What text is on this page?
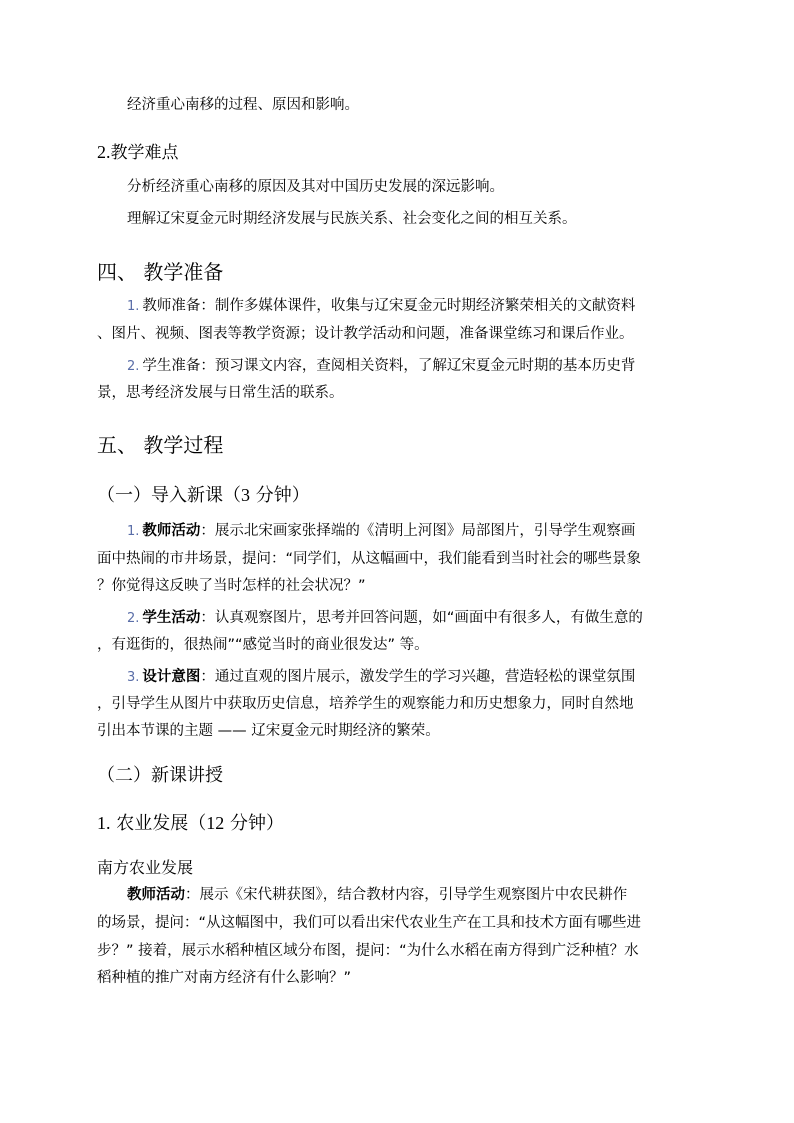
经济重心南移的过程、原因和影响。
2.教学难点
分析经济重心南移的原因及其对中国历史发展的深远影响。
理解辽宋夏金元时期经济发展与民族关系、社会变化之间的相互关系。
四、 教学准备
1. 教师准备：制作多媒体课件，收集与辽宋夏金元时期经济繁荣相关的文献资料
、图片、视频、图表等教学资源；设计教学活动和问题，准备课堂练习和课后作业。
2. 学生准备：预习课文内容，查阅相关资料，了解辽宋夏金元时期的基本历史背
景，思考经济发展与日常生活的联系。
五、 教学过程
（一）导入新课（3 分钟）
1. 教师活动：展示北宋画家张择端的《清明上河图》局部图片，引导学生观察画
面中热闹的市井场景，提问：“同学们，从这幅画中，我们能看到当时社会的哪些景象
？你觉得这反映了当时怎样的社会状况？”
2. 学生活动：认真观察图片，思考并回答问题，如“画面中有很多人，有做生意的
，有逛街的，很热闹”“感觉当时的商业很发达” 等。
3. 设计意图：通过直观的图片展示，激发学生的学习兴趣，营造轻松的课堂氛围
，引导学生从图片中获取历史信息，培养学生的观察能力和历史想象力，同时自然地
引出本节课的主题 —— 辽宋夏金元时期经济的繁荣。
（二）新课讲授
1. 农业发展（12 分钟）
南方农业发展
教师活动：展示《宋代耕获图》，结合教材内容，引导学生观察图片中农民耕作
的场景，提问：“从这幅图中，我们可以看出宋代农业生产在工具和技术方面有哪些进
步？” 接着，展示水稻种植区域分布图，提问：“为什么水稻在南方得到广泛种植？水
稻种植的推广对南方经济有什么影响？”
